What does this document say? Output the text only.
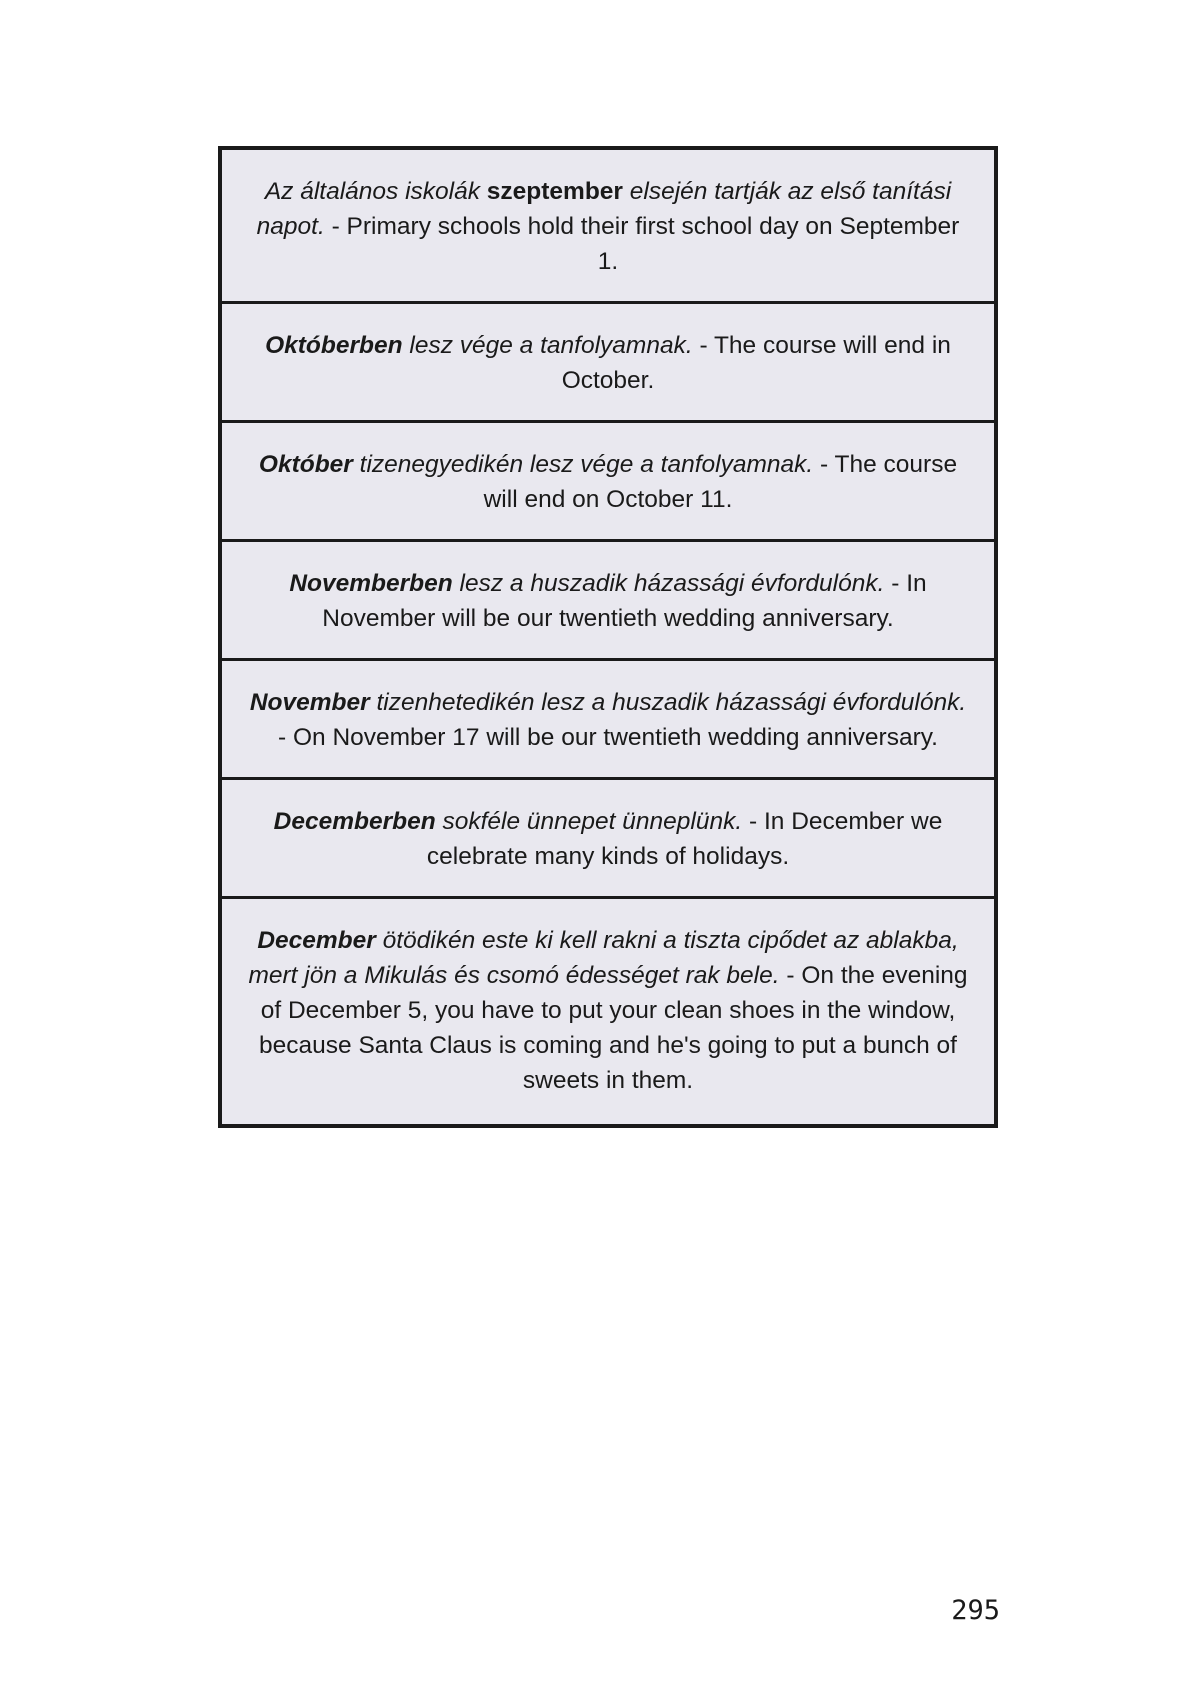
Az általános iskolák szeptember elsején tartják az első tanítási napot. - Primary schools hold their first school day on September 1.
Októberben lesz vége a tanfolyamnak. - The course will end in October.
Október tizenegyedikén lesz vége a tanfolyamnak. - The course will end on October 11.
Novemberben lesz a huszadik házassági évfordulónk. - In November will be our twentieth wedding anniversary.
November tizenhetedikén lesz a huszadik házassági évfordulónk. - On November 17 will be our twentieth wedding anniversary.
Decemberben sokféle ünnepet ünneplünk. - In December we celebrate many kinds of holidays.
December ötödikén este ki kell rakni a tiszta cipődet az ablakba, mert jön a Mikulás és csomó édességet rak bele. - On the evening of December 5, you have to put your clean shoes in the window, because Santa Claus is coming and he's going to put a bunch of sweets in them.
295
